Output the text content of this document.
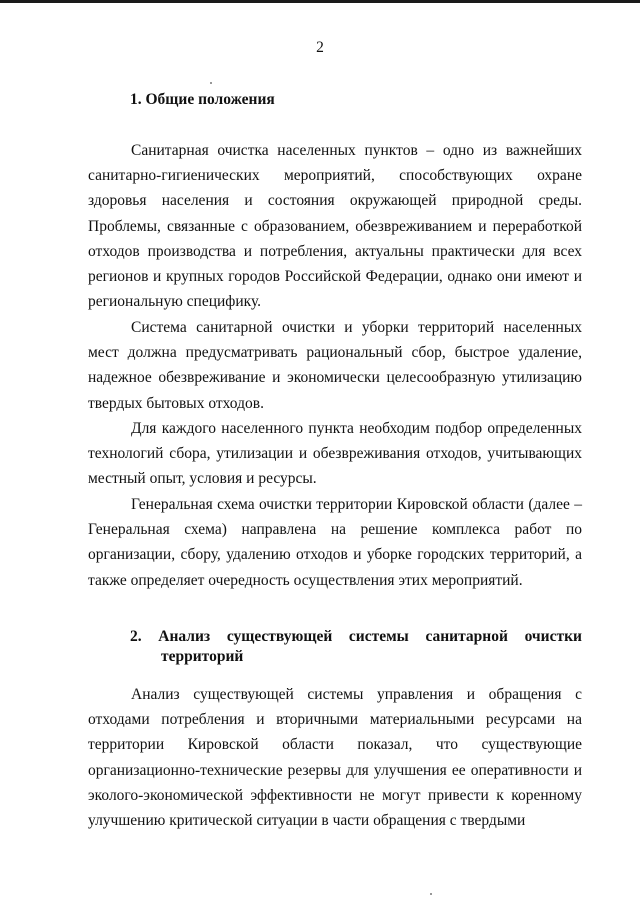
2
1. Общие положения

Санитарная очистка населенных пунктов – одно из важнейших санитарно-гигиенических мероприятий, способствующих охране здоровья населения и состояния окружающей природной среды. Проблемы, связанные с образованием, обезвреживанием и переработкой отходов производства и потребления, актуальны практически для всех регионов и крупных городов Российской Федерации, однако они имеют и региональную специфику.

Система санитарной очистки и уборки территорий населенных мест должна предусматривать рациональный сбор, быстрое удаление, надежное обезвреживание и экономически целесообразную утилизацию твердых бытовых отходов.

Для каждого населенного пункта необходим подбор определенных технологий сбора, утилизации и обезвреживания отходов, учитывающих местный опыт, условия и ресурсы.

Генеральная схема очистки территории Кировской области (далее – Генеральная схема) направлена на решение комплекса работ по организации, сбору, удалению отходов и уборке городских территорий, а также определяет очередность осуществления этих мероприятий.

2. Анализ существующей системы санитарной очистки
территорий

Анализ существующей системы управления и обращения с отходами потребления и вторичными материальными ресурсами на территории Кировской области показал, что существующие организационно-технические резервы для улучшения ее оперативности и эколого-экономической эффективности не могут привести к коренному улучшению критической ситуации в части обращения с твердыми
